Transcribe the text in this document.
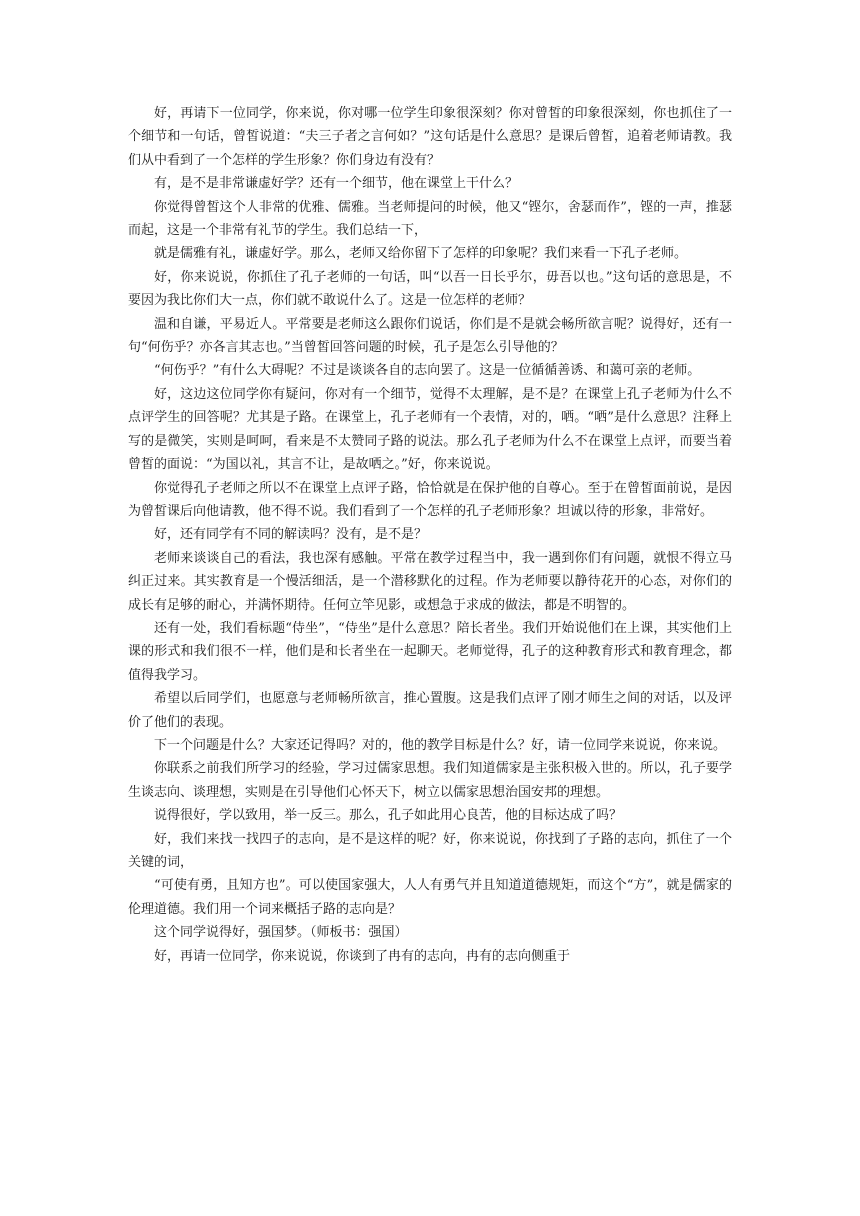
好，再请下一位同学，你来说，你对哪一位学生印象很深刻？你对曾皙的印象很深刻，你也抓住了一个细节和一句话，曾皙说道：“夫三子者之言何如？”这句话是什么意思？是课后曾皙，追着老师请教。我们从中看到了一个怎样的学生形象？你们身边有没有？

有，是不是非常谦虚好学？还有一个细节，他在课堂上干什么？

你觉得曾皙这个人非常的优雅、儒雅。当老师提问的时候，他又“铿尔，舍瑟而作”，铿的一声，推瑟而起，这是一个非常有礼节的学生。我们总结一下，

就是儒雅有礼，谦虚好学。那么，老师又给你留下了怎样的印象呢？我们来看一下孔子老师。

好，你来说说，你抓住了孔子老师的一句话，叫“以吾一日长乎尔，毋吾以也。”这句话的意思是，不要因为我比你们大一点，你们就不敢说什么了。这是一位怎样的老师？

温和自谦，平易近人。平常要是老师这么跟你们说话，你们是不是就会畅所欲言呢？说得好，还有一句“何伤乎？亦各言其志也。”当曾皙回答问题的时候，孔子是怎么引导他的？

“何伤乎？”有什么大碍呢？不过是谈谈各自的志向罢了。这是一位循循善诱、和蔼可亲的老师。

好，这边这位同学你有疑问，你对有一个细节，觉得不太理解，是不是？在课堂上孔子老师为什么不点评学生的回答呢？尤其是子路。在课堂上，孔子老师有一个表情，对的，哂。“哂”是什么意思？注释上写的是微笑，实则是呵呵，看来是不太赞同子路的说法。那么孔子老师为什么不在课堂上点评，而要当着曾皙的面说：“为国以礼，其言不让，是故哂之。”好，你来说说。

你觉得孔子老师之所以不在课堂上点评子路，恰恰就是在保护他的自尊心。至于在曾皙面前说，是因为曾皙课后向他请教，他不得不说。我们看到了一个怎样的孔子老师形象？坦诚以待的形象，非常好。

好，还有同学有不同的解读吗？没有，是不是？

老师来谈谈自己的看法，我也深有感触。平常在教学过程当中，我一遇到你们有问题，就恨不得立马纠正过来。其实教育是一个慢活细活，是一个潜移默化的过程。作为老师要以静待花开的心态，对你们的成长有足够的耐心，并满怀期待。任何立竿见影，或想急于求成的做法，都是不明智的。

还有一处，我们看标题“侍坐”，“侍坐”是什么意思？陪长者坐。我们开始说他们在上课，其实他们上课的形式和我们很不一样，他们是和长者坐在一起聊天。老师觉得，孔子的这种教育形式和教育理念，都值得我学习。

希望以后同学们，也愿意与老师畅所欲言，推心置腹。这是我们点评了刚才师生之间的对话，以及评价了他们的表现。

下一个问题是什么？大家还记得吗？对的，他的教学目标是什么？好，请一位同学来说说，你来说。

你联系之前我们所学习的经验，学习过儒家思想。我们知道儒家是主张积极入世的。所以，孔子要学生谈志向、谈理想，实则是在引导他们心怀天下，树立以儒家思想治国安邦的理想。

说得很好，学以致用，举一反三。那么，孔子如此用心良苦，他的目标达成了吗？

好，我们来找一找四子的志向，是不是这样的呢？好，你来说说，你找到了子路的志向，抓住了一个关键的词，

“可使有勇，且知方也”。可以使国家强大，人人有勇气并且知道道德规矩，而这个“方”，就是儒家的伦理道德。我们用一个词来概括子路的志向是？

这个同学说得好，强国梦。（师板书：强国）

好，再请一位同学，你来说说，你谈到了冉有的志向，冉有的志向侧重于
